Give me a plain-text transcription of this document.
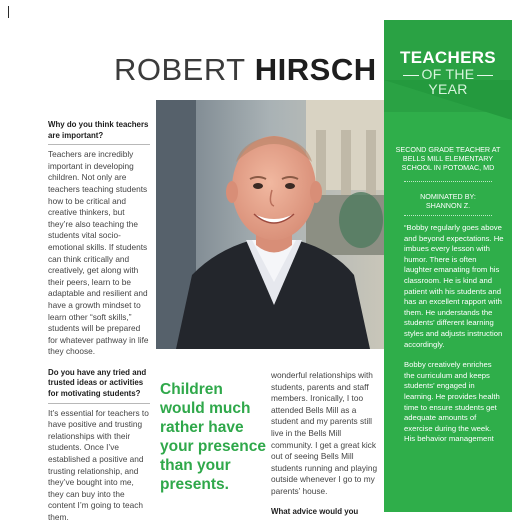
ROBERT HIRSCH	TEACHERS
OF THE
YEAR
SECOND GRADE TEACHER AT BELLS MILL ELEMENTARY SCHOOL IN POTOMAC, MD
NOMINATED BY:
SHANNON Z.

“Bobby regularly goes above and beyond expectations. He imbues every lesson with humor. There is often laughter emanating from his classroom. He is kind and patient with his students and has an excellent rapport with them. He understands the students’ different learning styles and adjusts instruction accordingly.

Bobby creatively enriches the curriculum and keeps students’ engaged in learning. He provides health time to ensure students get adequate amounts of exercise during the week. His behavior management

Why do you think teachers are important?

Teachers are incredibly important in developing children. Not only are teachers teaching students how to be critical and creative thinkers, but they’re also teaching the students vital socio-emotional skills. If students can think critically and creatively, get along with their peers, learn to be adaptable and resilient and have a growth mindset to learn other “soft skills,” students will be prepared for whatever pathway in life they choose.

Do you have any tried and trusted ideas or activities for motivating students?

It’s essential for teachers to have positive and trusting relationships with their students. Once I’ve established a positive and trusting relationship, and they’ve bought into me, they can buy into the content I’m going to teach them.

Children would much rather have your presence than your presents.

wonderful relationships with students, parents and staff members. Ironically, I too attended Bells Mill as a student and my parents still live in the Bells Mill community. I get a great kick out of seeing Bells Mill students running and playing outside whenever I go to my parents’ house.

What advice would you
